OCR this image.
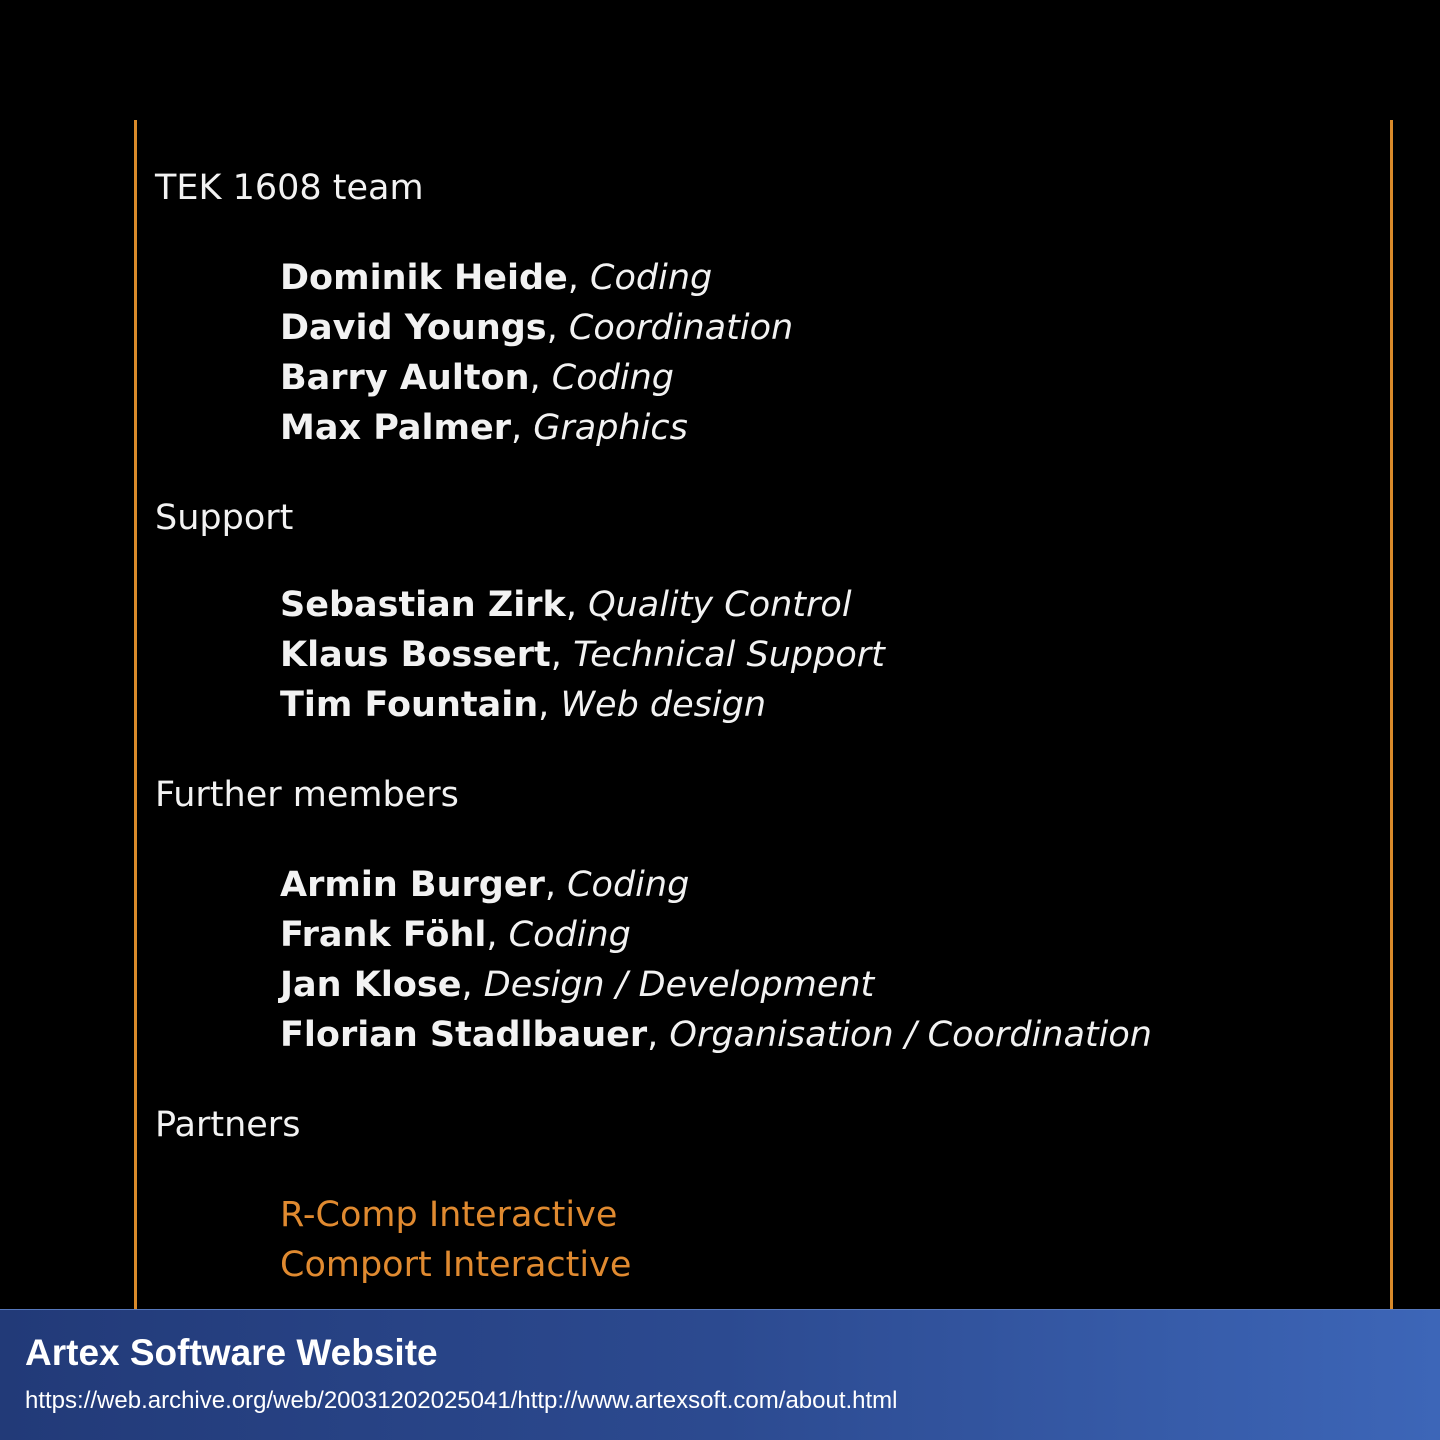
TEK 1608 team
Dominik Heide, Coding
David Youngs, Coordination
Barry Aulton, Coding
Max Palmer, Graphics
Support
Sebastian Zirk, Quality Control
Klaus Bossert, Technical Support
Tim Fountain, Web design
Further members
Armin Burger, Coding
Frank Föhl, Coding
Jan Klose, Design / Development
Florian Stadlbauer, Organisation / Coordination
Partners
R-Comp Interactive
Comport Interactive
Artex Software Website
https://web.archive.org/web/20031202025041/http://www.artexsoft.com/about.html
